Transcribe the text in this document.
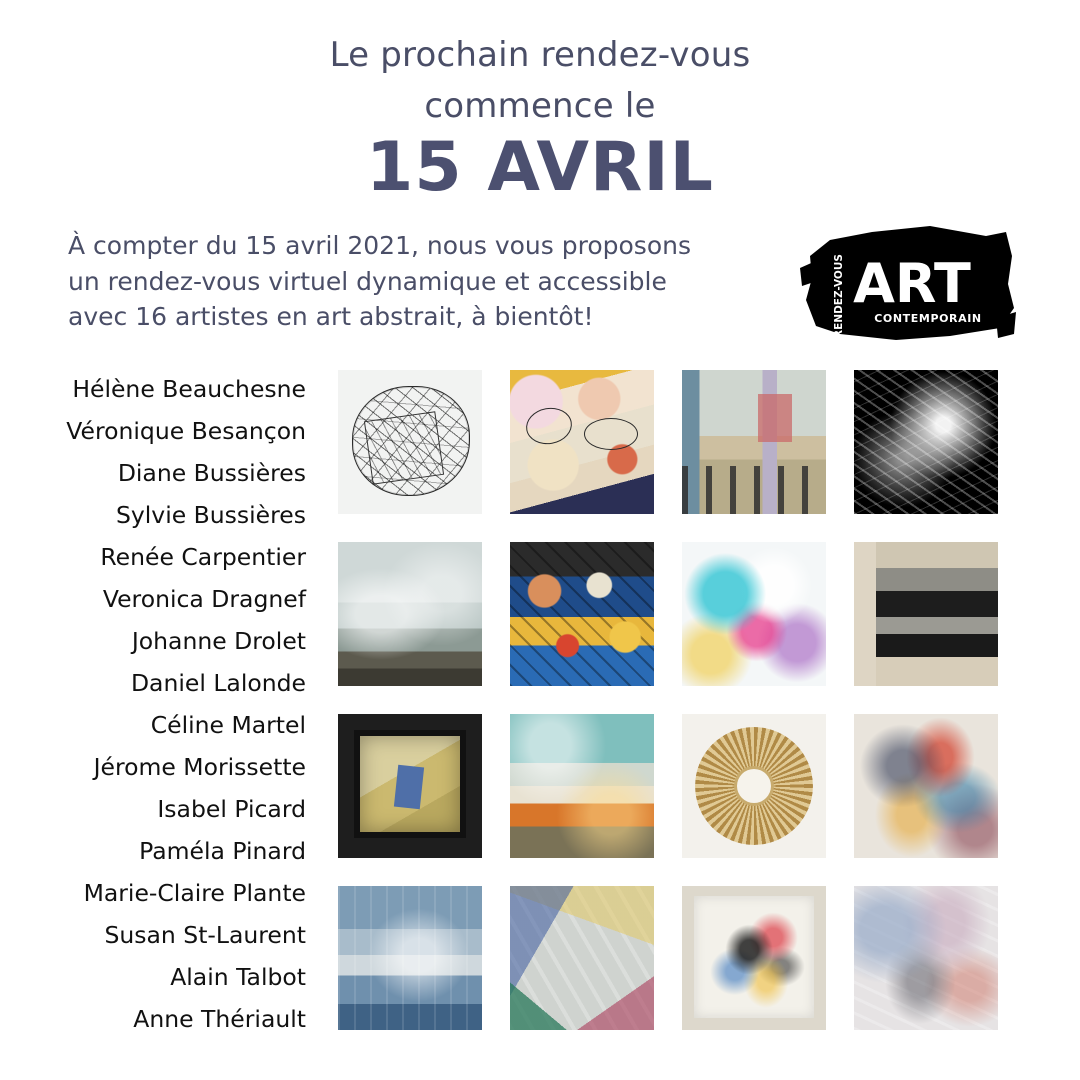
Le prochain rendez-vous
commence le
15 AVRIL

À compter du 15 avril 2021, nous vous proposons

un rendez-vous virtuel dynamique et accessible

avec 16 artistes en art abstrait, à bientôt!

ART
RENDEZ-VOUS	CONTEMPORAIN
Hélène Beauchesne
Véronique Besançon
Diane Bussières
Sylvie Bussières
Renée Carpentier
Veronica Dragnef
Johanne Drolet
Daniel Lalonde
Céline Martel
Jérome Morissette
Isabel Picard
Paméla Pinard
Marie-Claire Plante
Susan St-Laurent
Alain Talbot
Anne Thériault
